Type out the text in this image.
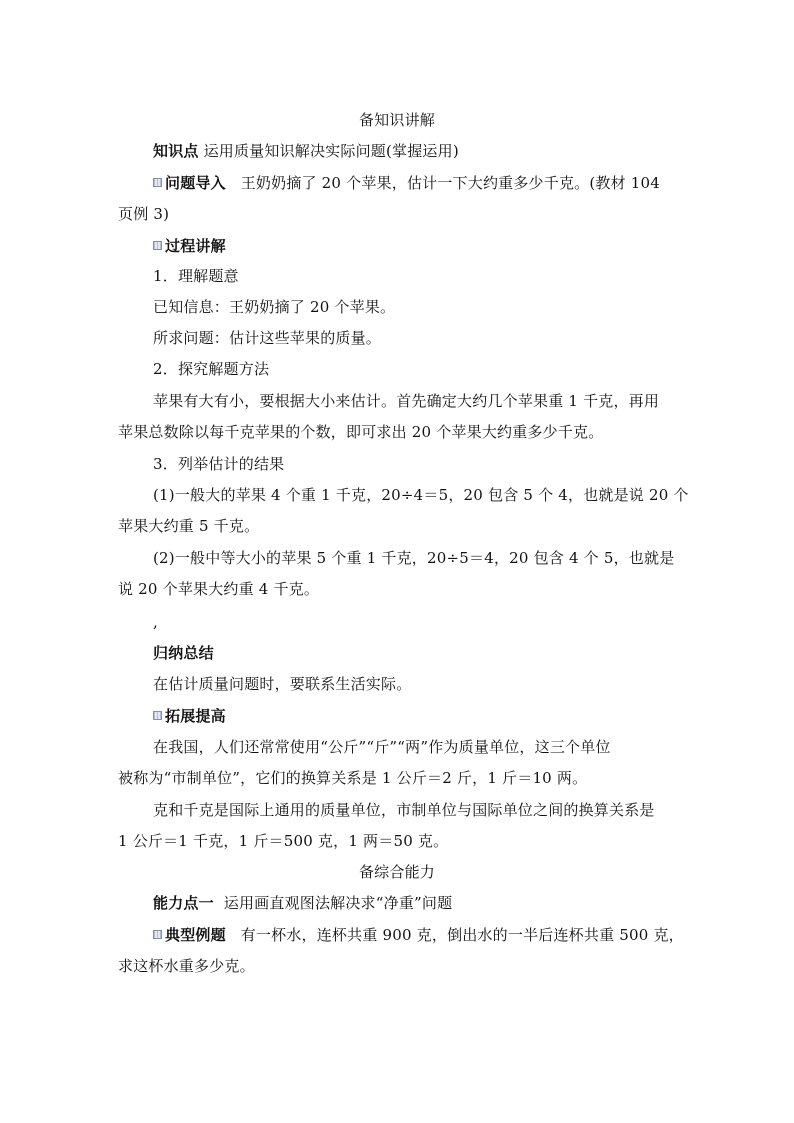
备知识讲解
知识点 运用质量知识解决实际问题(掌握运用)
问题导入 王奶奶摘了 20 个苹果，估计一下大约重多少千克。(教材 104
页例 3)
过程讲解
1．理解题意
已知信息：王奶奶摘了 20 个苹果。
所求问题：估计这些苹果的质量。
2．探究解题方法
苹果有大有小，要根据大小来估计。首先确定大约几个苹果重 1 千克，再用
苹果总数除以每千克苹果的个数，即可求出 20 个苹果大约重多少千克。
3．列举估计的结果
(1)一般大的苹果 4 个重 1 千克，20÷4＝5，20 包含 5 个 4，也就是说 20 个
苹果大约重 5 千克。
(2)一般中等大小的苹果 5 个重 1 千克，20÷5＝4，20 包含 4 个 5，也就是
说 20 个苹果大约重 4 千克。
,
归纳总结
在估计质量问题时，要联系生活实际。
拓展提高
在我国，人们还常常使用“公斤”“斤”“两”作为质量单位，这三个单位
被称为“市制单位”，它们的换算关系是 1 公斤＝2 斤，1 斤＝10 两。
克和千克是国际上通用的质量单位，市制单位与国际单位之间的换算关系是
1 公斤＝1 千克，1 斤＝500 克，1 两＝50 克。
备综合能力
能力点一 运用画直观图法解决求“净重”问题
典型例题 有一杯水，连杯共重 900 克，倒出水的一半后连杯共重 500 克，
求这杯水重多少克。
